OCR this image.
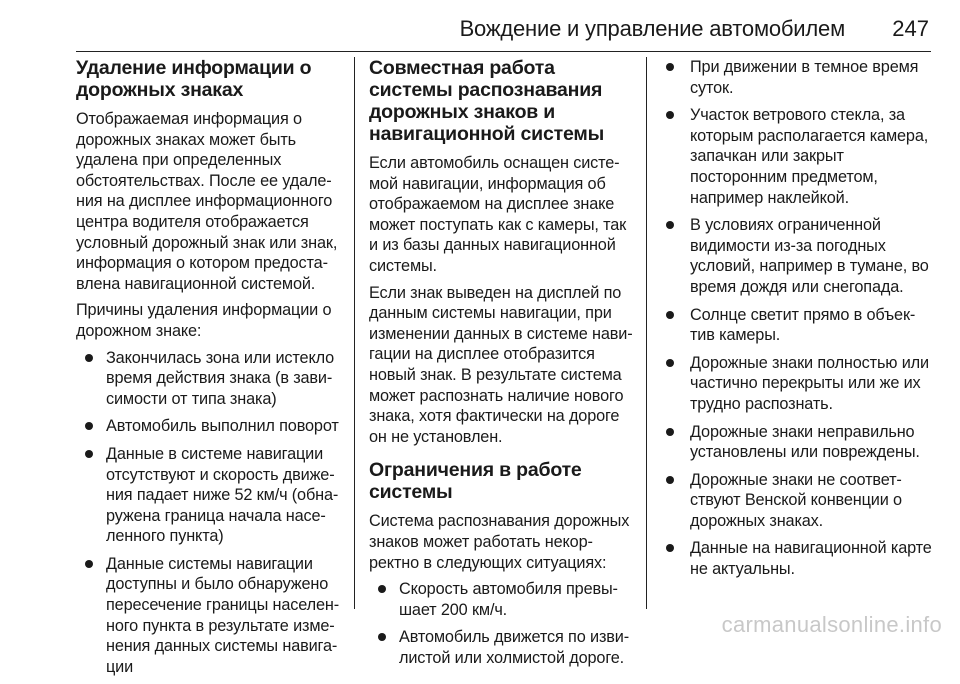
Вождение и управление автомобилем 247
Удаление информации о дорожных знаках

Отображаемая информация о дорожных знаках может быть удалена при определенных обстоятельствах. После ее удаления на дисплее информационного центра водителя отображается условный дорожный знак или знак, информация о котором предоставлена навигационной системой.

Причины удаления информации о дорожном знаке:

Закончилась зона или истекло время действия знака (в зависимости от типа знака)
Автомобиль выполнил поворот
Данные в системе навигации отсутствуют и скорость движения падает ниже 52 км/ч (обнаружена граница начала населенного пункта)
Данные системы навигации доступны и было обнаружено пересечение границы населенного пункта в результате изменения данных системы навигации
Совместная работа системы распознавания дорожных знаков и навигационной системы

Если автомобиль оснащен системой навигации, информация об отображаемом на дисплее знаке может поступать как с камеры, так и из базы данных навигационной системы.

Если знак выведен на дисплей по данным системы навигации, при изменении данных в системе навигации на дисплее отобразится новый знак. В результате система может распознать наличие нового знака, хотя фактически на дороге он не установлен.

Ограничения в работе системы

Система распознавания дорожных знаков может работать некорректно в следующих ситуациях:

Скорость автомобиля превышает 200 км/ч.
Автомобиль движется по извилистой или холмистой дороге.
При движении в темное время суток.
Участок ветрового стекла, за которым располагается камера, запачкан или закрыт посторонним предметом, например наклейкой.
В условиях ограниченной видимости из-за погодных условий, например в тумане, во время дождя или снегопада.
Солнце светит прямо в объектив камеры.
Дорожные знаки полностью или частично перекрыты или же их трудно распознать.
Дорожные знаки неправильно установлены или повреждены.
Дорожные знаки не соответствуют Венской конвенции о дорожных знаках.
Данные на навигационной карте не актуальны.
carmanualsonline.info
